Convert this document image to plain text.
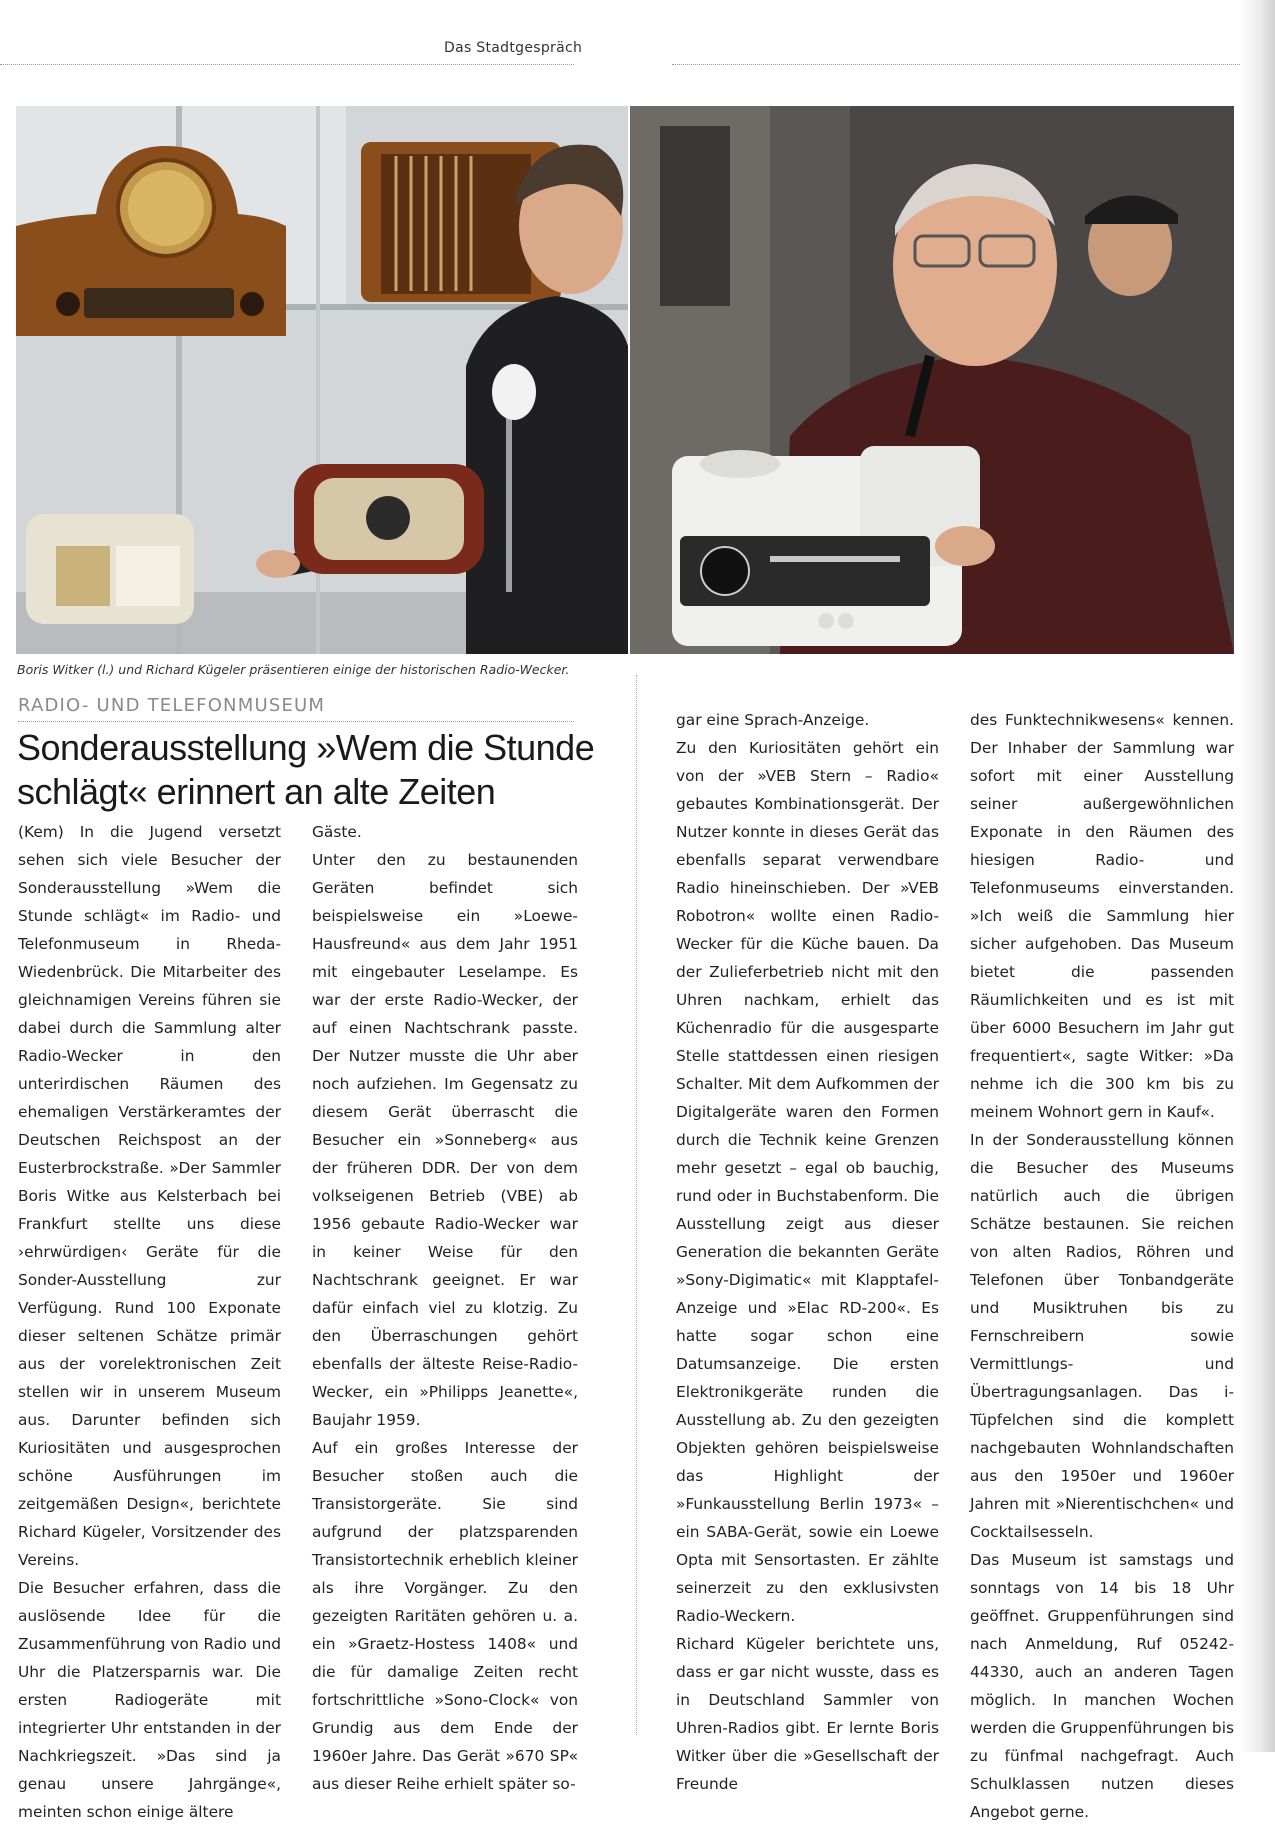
Das Stadtgespräch
Boris Witker (l.) und Richard Kügeler präsentieren einige der historischen Radio-Wecker.
RADIO- UND TELEFONMUSEUM
Sonderausstellung »Wem die Stunde
schlägt« erinnert an alte Zeiten

(Kem) In die Jugend versetzt sehen sich viele Besucher der Sonderausstellung »Wem die Stunde schlägt« im Radio- und Telefonmuseum in Rheda-Wiedenbrück. Die Mitarbeiter des gleichnamigen Vereins führen sie dabei durch die Sammlung alter Radio-Wecker in den unterirdischen Räumen des ehemaligen Verstärkeramtes der Deutschen Reichspost an der Eusterbrockstraße. »Der Sammler Boris Witke aus Kelsterbach bei Frankfurt stellte uns diese ›ehrwürdigen‹ Geräte für die Sonder-Ausstellung zur Verfügung. Rund 100 Exponate dieser seltenen Schätze primär aus der vorelektronischen Zeit stellen wir in unserem Museum aus. Darunter befinden sich Kuriositäten und ausgesprochen schöne Ausführungen im zeitgemäßen Design«, berichtete Richard Kügeler, Vorsitzender des Vereins.

Die Besucher erfahren, dass die auslösende Idee für die Zusammenführung von Radio und Uhr die Platzersparnis war. Die ersten Radiogeräte mit integrierter Uhr entstanden in der Nachkriegszeit. »Das sind ja genau unsere Jahrgänge«, meinten schon einige ältere

Gäste.

Unter den zu bestaunenden Geräten befindet sich beispielsweise ein »Loewe-Hausfreund« aus dem Jahr 1951 mit eingebauter Leselampe. Es war der erste Radio-Wecker, der auf einen Nachtschrank passte. Der Nutzer musste die Uhr aber noch aufziehen. Im Gegensatz zu diesem Gerät überrascht die Besucher ein »Sonneberg« aus der früheren DDR. Der von dem volkseigenen Betrieb (VBE) ab 1956 gebaute Radio-Wecker war in keiner Weise für den Nachtschrank geeignet. Er war dafür einfach viel zu klotzig. Zu den Überraschungen gehört ebenfalls der älteste Reise-Radio-Wecker, ein »Philipps Jeanette«, Baujahr 1959.

Auf ein großes Interesse der Besucher stoßen auch die Transistorgeräte. Sie sind aufgrund der platzsparenden Transistortechnik erheblich kleiner als ihre Vorgänger. Zu den gezeigten Raritäten gehören u. a. ein »Graetz-Hostess 1408« und die für damalige Zeiten recht fortschrittliche »Sono-Clock« von Grundig aus dem Ende der 1960er Jahre. Das Gerät »670 SP« aus dieser Reihe erhielt später so-

gar eine Sprach-Anzeige.

Zu den Kuriositäten gehört ein von der »VEB Stern – Radio« gebautes Kombinationsgerät. Der Nutzer konnte in dieses Gerät das ebenfalls separat verwendbare Radio hineinschieben. Der »VEB Robotron« wollte einen Radio-Wecker für die Küche bauen. Da der Zulieferbetrieb nicht mit den Uhren nachkam, erhielt das Küchenradio für die ausgesparte Stelle stattdessen einen riesigen Schalter. Mit dem Aufkommen der Digitalgeräte waren den Formen durch die Technik keine Grenzen mehr gesetzt – egal ob bauchig, rund oder in Buchstabenform. Die Ausstellung zeigt aus dieser Generation die bekannten Geräte »Sony-Digimatic« mit Klapptafel-Anzeige und »Elac RD-200«. Es hatte sogar schon eine Datumsanzeige. Die ersten Elektronikgeräte runden die Ausstellung ab. Zu den gezeigten Objekten gehören beispielsweise das Highlight der »Funkausstellung Berlin 1973« – ein SABA-Gerät, sowie ein Loewe Opta mit Sensortasten. Er zählte seinerzeit zu den exklusivsten Radio-Weckern.

Richard Kügeler berichtete uns, dass er gar nicht wusste, dass es in Deutschland Sammler von Uhren-Radios gibt. Er lernte Boris Witker über die »Gesellschaft der Freunde

des Funktechnikwesens« kennen. Der Inhaber der Sammlung war sofort mit einer Ausstellung seiner außergewöhnlichen Exponate in den Räumen des hiesigen Radio- und Telefonmuseums einverstanden. »Ich weiß die Sammlung hier sicher aufgehoben. Das Museum bietet die passenden Räumlichkeiten und es ist mit über 6000 Besuchern im Jahr gut frequentiert«, sagte Witker: »Da nehme ich die 300 km bis zu meinem Wohnort gern in Kauf«.

In der Sonderausstellung können die Besucher des Museums natürlich auch die übrigen Schätze bestaunen. Sie reichen von alten Radios, Röhren und Telefonen über Tonbandgeräte und Musiktruhen bis zu Fernschreibern sowie Vermittlungs- und Übertragungsanlagen. Das i-Tüpfelchen sind die komplett nachgebauten Wohnlandschaften aus den 1950er und 1960er Jahren mit »Nierentischchen« und Cocktailsesseln.

Das Museum ist samstags und sonntags von 14 bis 18 Uhr geöffnet. Gruppenführungen sind nach Anmeldung, Ruf 05242-44330, auch an anderen Tagen möglich. In manchen Wochen werden die Gruppenführungen bis zu fünfmal nachgefragt. Auch Schulklassen nutzen dieses Angebot gerne.
